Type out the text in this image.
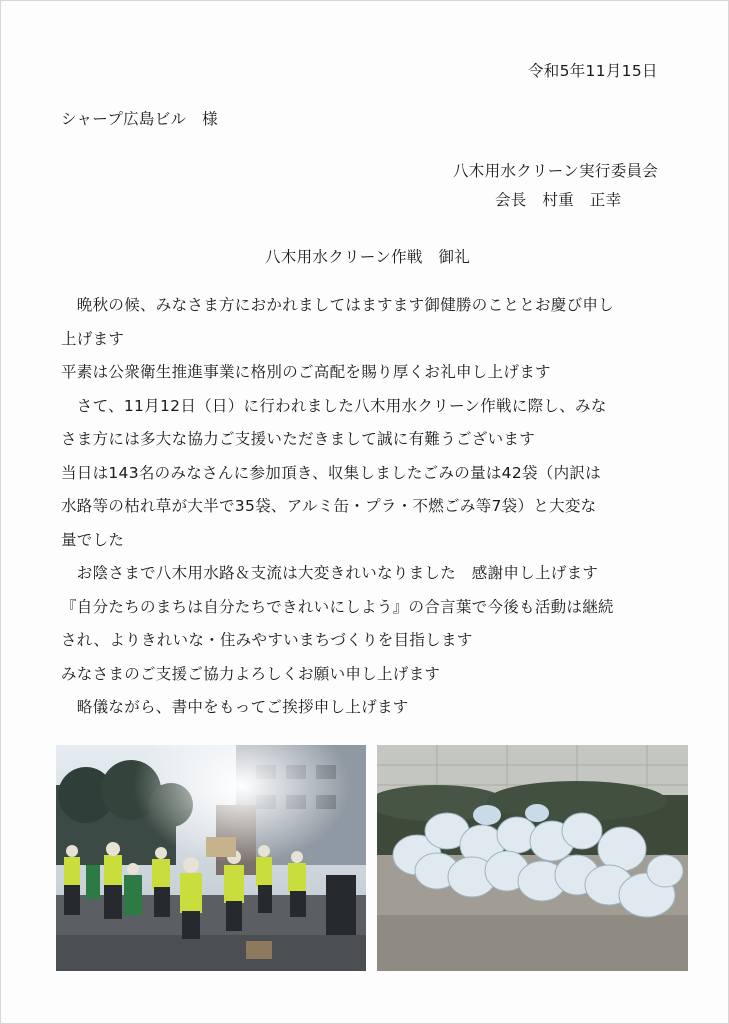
令和5年11月15日
シャープ広島ビル　様
八木用水クリーン実行委員会
会長　村重　正幸
八木用水クリーン作戦　御礼
　晩秋の候、みなさま方におかれましてはますます御健勝のこととお慶び申し
上げます
平素は公衆衛生推進事業に格別のご高配を賜り厚くお礼申し上げます
　さて、11月12日（日）に行われました八木用水クリーン作戦に際し、みな
さま方には多大な協力ご支援いただきまして誠に有難うございます
当日は143名のみなさんに参加頂き、収集しましたごみの量は42袋（内訳は
水路等の枯れ草が大半で35袋、アルミ缶・プラ・不燃ごみ等7袋）と大変な
量でした
　お陰さまで八木用水路＆支流は大変きれいなりました　感謝申し上げます
『自分たちのまちは自分たちできれいにしよう』の合言葉で今後も活動は継続
され、よりきれいな・住みやすいまちづくりを目指します
みなさまのご支援ご協力よろしくお願い申し上げます
　略儀ながら、書中をもってご挨拶申し上げます
